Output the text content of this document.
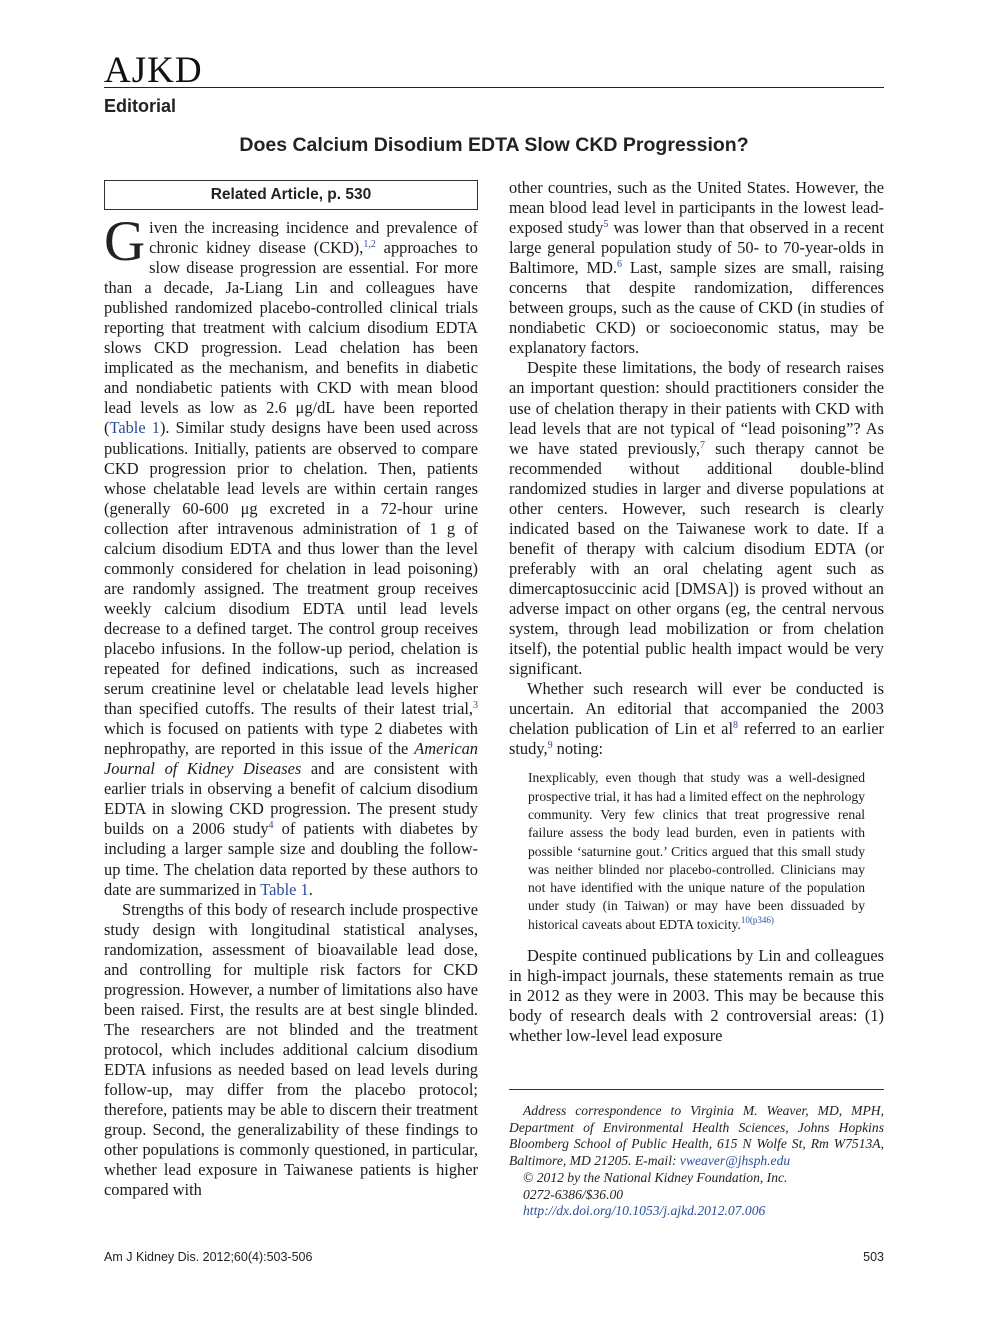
AJKD
Editorial
Does Calcium Disodium EDTA Slow CKD Progression?
Related Article, p. 530

Given the increasing incidence and prevalence of chronic kidney disease (CKD),$^{1,2}$ approaches to slow disease progression are essential. For more than a decade, Ja-Liang Lin and colleagues have published randomized placebo-controlled clinical trials reporting that treatment with calcium disodium EDTA slows CKD progression. Lead chelation has been implicated as the mechanism, and benefits in diabetic and nondiabetic patients with CKD with mean blood lead levels as low as 2.6 μg/dL have been reported (Table 1). Similar study designs have been used across publications. Initially, patients are observed to compare CKD progression prior to chelation. Then, patients whose chelatable lead levels are within certain ranges (generally 60-600 μg excreted in a 72-hour urine collection after intravenous administration of 1 g of calcium disodium EDTA and thus lower than the level commonly considered for chelation in lead poisoning) are randomly assigned. The treatment group receives weekly calcium disodium EDTA until lead levels decrease to a defined target. The control group receives placebo infusions. In the follow-up period, chelation is repeated for defined indications, such as increased serum creatinine level or chelatable lead levels higher than specified cutoffs. The results of their latest trial,$^3$ which is focused on patients with type 2 diabetes with nephropathy, are reported in this issue of the American Journal of Kidney Diseases and are consistent with earlier trials in observing a benefit of calcium disodium EDTA in slowing CKD progression. The present study builds on a 2006 study$^4$ of patients with diabetes by including a larger sample size and doubling the follow-up time. The chelation data reported by these authors to date are summarized in Table 1.

Strengths of this body of research include prospective study design with longitudinal statistical analyses, randomization, assessment of bioavailable lead dose, and controlling for multiple risk factors for CKD progression. However, a number of limitations also have been raised. First, the results are at best single blinded. The researchers are not blinded and the treatment protocol, which includes additional calcium disodium EDTA infusions as needed based on lead levels during follow-up, may differ from the placebo protocol; therefore, patients may be able to discern their treatment group. Second, the generalizability of these findings to other populations is commonly questioned, in particular, whether lead exposure in Taiwanese patients is higher compared with

other countries, such as the United States. However, the mean blood lead level in participants in the lowest lead-exposed study$^5$ was lower than that observed in a recent large general population study of 50- to 70-year-olds in Baltimore, MD.$^6$ Last, sample sizes are small, raising concerns that despite randomization, differences between groups, such as the cause of CKD (in studies of nondiabetic CKD) or socioeconomic status, may be explanatory factors.

Despite these limitations, the body of research raises an important question: should practitioners consider the use of chelation therapy in their patients with CKD with lead levels that are not typical of “lead poisoning”? As we have stated previously,$^7$ such therapy cannot be recommended without additional double-blind randomized studies in larger and diverse populations at other centers. However, such research is clearly indicated based on the Taiwanese work to date. If a benefit of therapy with calcium disodium EDTA (or preferably with an oral chelating agent such as dimercaptosuccinic acid [DMSA]) is proved without an adverse impact on other organs (eg, the central nervous system, through lead mobilization or from chelation itself), the potential public health impact would be very significant.

Whether such research will ever be conducted is uncertain. An editorial that accompanied the 2003 chelation publication of Lin et $al^8$ referred to an earlier study,$^9$ noting:

Inexplicably, even though that study was a well-designed prospective trial, it has had a limited effect on the nephrology community. Very few clinics that treat progressive renal failure assess the body lead burden, even in patients with possible ‘saturnine gout.’ Critics argued that this small study was neither blinded nor placebo-controlled. Clinicians may not have identified with the unique nature of the population under study (in Taiwan) or may have been dissuaded by historical caveats about EDTA toxicity.$^{10(p346)}$

Despite continued publications by Lin and colleagues in high-impact journals, these statements remain as true in 2012 as they were in 2003. This may be because this body of research deals with 2 controversial areas: (1) whether low-level lead exposure

Address correspondence to Virginia M. Weaver, MD, MPH, Department of Environmental Health Sciences, Johns Hopkins Bloomberg School of Public Health, 615 N Wolfe St, Rm W7513A, Baltimore, MD 21205. E-mail: vweaver@jhsph.edu

© 2012 by the National Kidney Foundation, Inc.

0272-6386/$36.00

http://dx.doi.org/10.1053/j.ajkd.2012.07.006

Am J Kidney Dis. 2012;60(4):503-506	503
